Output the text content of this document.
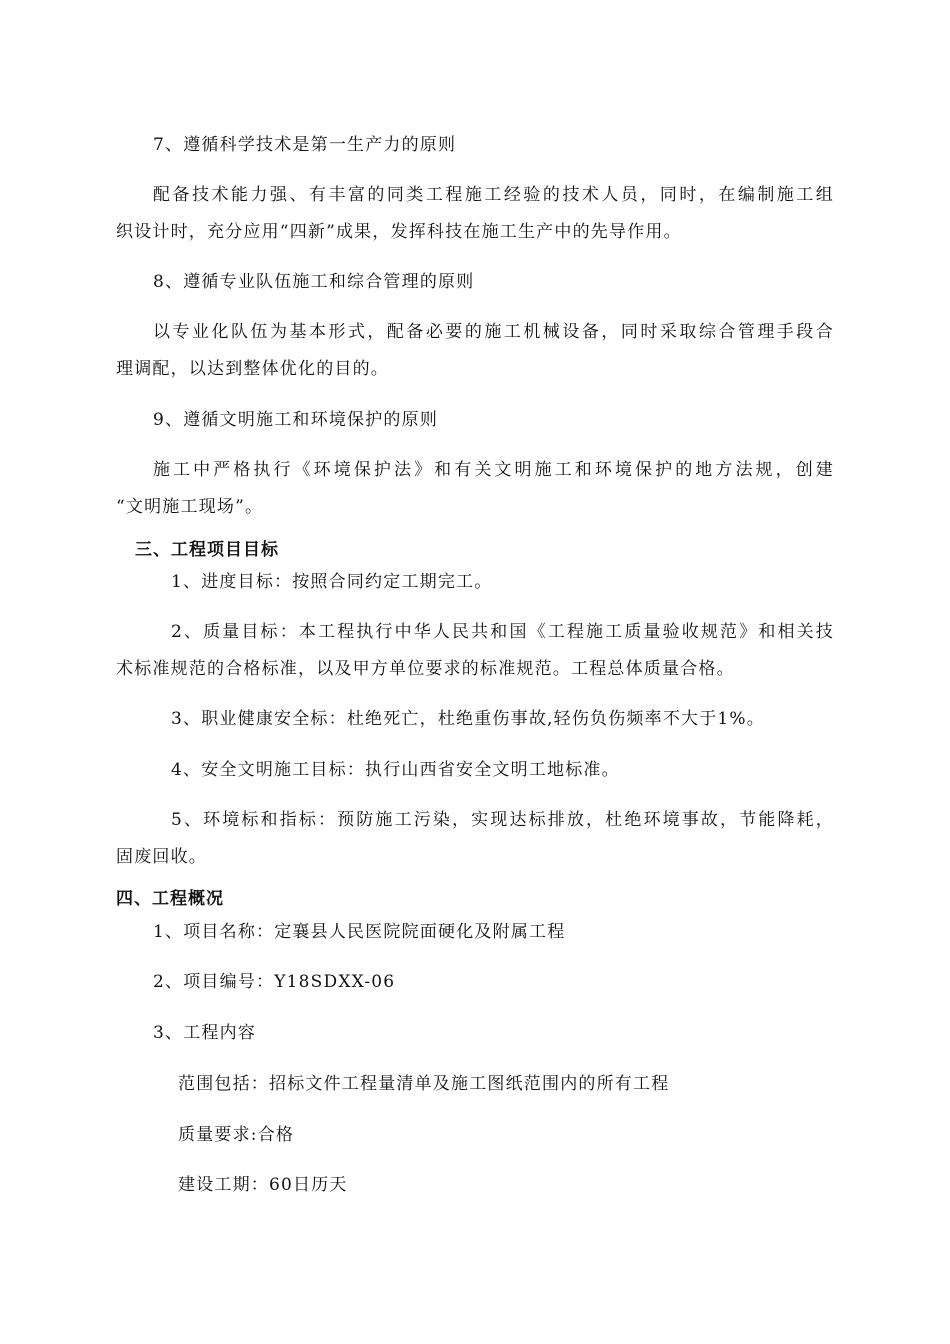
7、遵循科学技术是第一生产力的原则
配备技术能力强、有丰富的同类工程施工经验的技术人员，同时，在编制施工组
织设计时，充分应用“四新”成果，发挥科技在施工生产中的先导作用。
8、遵循专业队伍施工和综合管理的原则
以专业化队伍为基本形式，配备必要的施工机械设备，同时采取综合管理手段合
理调配，以达到整体优化的目的。
9、遵循文明施工和环境保护的原则
施工中严格执行《环境保护法》和有关文明施工和环境保护的地方法规，创建
“文明施工现场”。
三、工程项目目标
1、进度目标：按照合同约定工期完工。
2、质量目标：本工程执行中华人民共和国《工程施工质量验收规范》和相关技
术标准规范的合格标准，以及甲方单位要求的标准规范。工程总体质量合格。
3、职业健康安全标：杜绝死亡，杜绝重伤事故,轻伤负伤频率不大于1%。
4、安全文明施工目标：执行山西省安全文明工地标准。
5、环境标和指标：预防施工污染，实现达标排放，杜绝环境事故，节能降耗，
固废回收。
四、工程概况
1、项目名称：定襄县人民医院院面硬化及附属工程
2、项目编号：Y18SDXX-06
3、工程内容
范围包括：招标文件工程量清单及施工图纸范围内的所有工程
质量要求:合格
建设工期：60日历天
